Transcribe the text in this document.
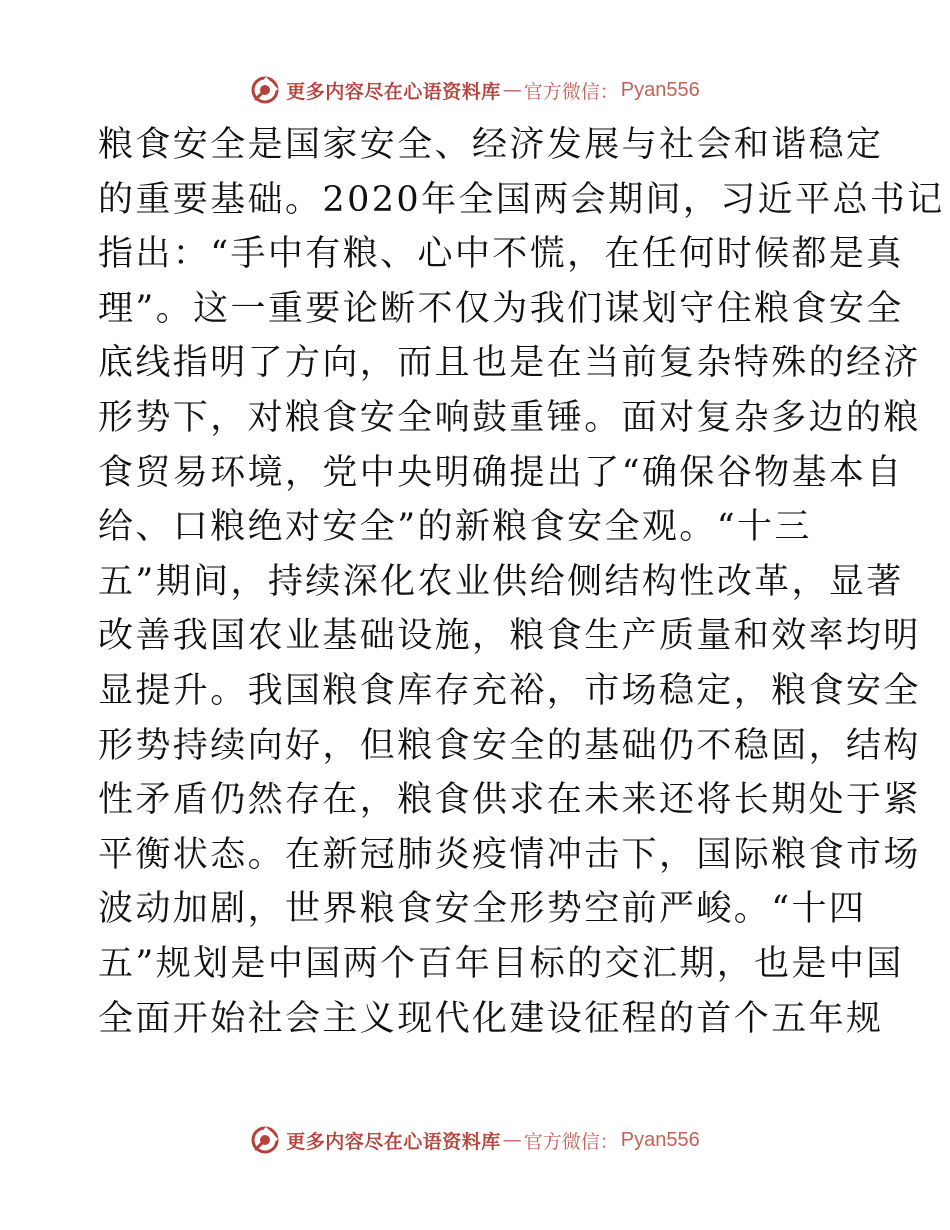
更多内容尽在心语资料库 — 官方微信： Pyan556
粮食安全是国家安全、经济发展与社会和谐稳定
的重要基础。2020年全国两会期间，习近平总书记
指出：“手中有粮、心中不慌，在任何时候都是真
理”。这一重要论断不仅为我们谋划守住粮食安全
底线指明了方向，而且也是在当前复杂特殊的经济
形势下，对粮食安全响鼓重锤。面对复杂多边的粮
食贸易环境，党中央明确提出了“确保谷物基本自
给、口粮绝对安全”的新粮食安全观。“十三
五”期间，持续深化农业供给侧结构性改革，显著
改善我国农业基础设施，粮食生产质量和效率均明
显提升。我国粮食库存充裕，市场稳定，粮食安全
形势持续向好，但粮食安全的基础仍不稳固，结构
性矛盾仍然存在，粮食供求在未来还将长期处于紧
平衡状态。在新冠肺炎疫情冲击下，国际粮食市场
波动加剧，世界粮食安全形势空前严峻。“十四
五”规划是中国两个百年目标的交汇期，也是中国
全面开始社会主义现代化建设征程的首个五年规
更多内容尽在心语资料库 — 官方微信： Pyan556
